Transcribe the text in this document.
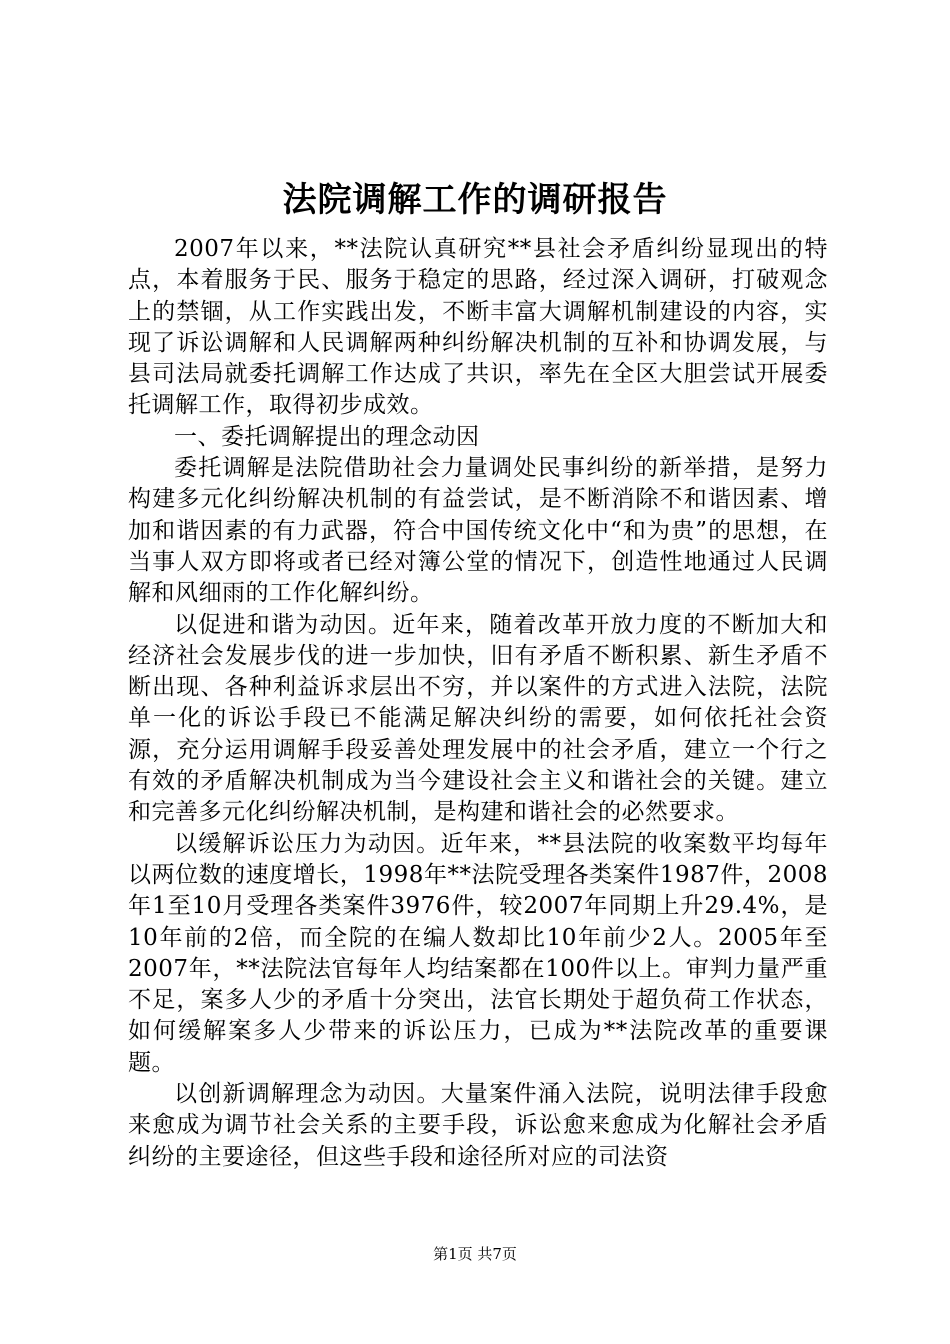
法院调解工作的调研报告

2007年以来，**法院认真研究**县社会矛盾纠纷显现出的特点，本着服务于民、服务于稳定的思路，经过深入调研，打破观念上的禁锢，从工作实践出发，不断丰富大调解机制建设的内容，实现了诉讼调解和人民调解两种纠纷解决机制的互补和协调发展，与县司法局就委托调解工作达成了共识，率先在全区大胆尝试开展委托调解工作，取得初步成效。

一、委托调解提出的理念动因

委托调解是法院借助社会力量调处民事纠纷的新举措，是努力构建多元化纠纷解决机制的有益尝试，是不断消除不和谐因素、增加和谐因素的有力武器，符合中国传统文化中“和为贵”的思想，在当事人双方即将或者已经对簿公堂的情况下，创造性地通过人民调解和风细雨的工作化解纠纷。

以促进和谐为动因。近年来，随着改革开放力度的不断加大和经济社会发展步伐的进一步加快，旧有矛盾不断积累、新生矛盾不断出现、各种利益诉求层出不穷，并以案件的方式进入法院，法院单一化的诉讼手段已不能满足解决纠纷的需要，如何依托社会资源，充分运用调解手段妥善处理发展中的社会矛盾，建立一个行之有效的矛盾解决机制成为当今建设社会主义和谐社会的关键。建立和完善多元化纠纷解决机制，是构建和谐社会的必然要求。

以缓解诉讼压力为动因。近年来，**县法院的收案数平均每年以两位数的速度增长，1998年**法院受理各类案件1987件，2008年1至10月受理各类案件3976件，较2007年同期上升29.4%，是10年前的2倍，而全院的在编人数却比10年前少2人。2005年至2007年，**法院法官每年人均结案都在100件以上。审判力量严重不足，案多人少的矛盾十分突出，法官长期处于超负荷工作状态，如何缓解案多人少带来的诉讼压力，已成为**法院改革的重要课题。

以创新调解理念为动因。大量案件涌入法院，说明法律手段愈来愈成为调节社会关系的主要手段，诉讼愈来愈成为化解社会矛盾纠纷的主要途径，但这些手段和途径所对应的司法资

第1页 共7页
